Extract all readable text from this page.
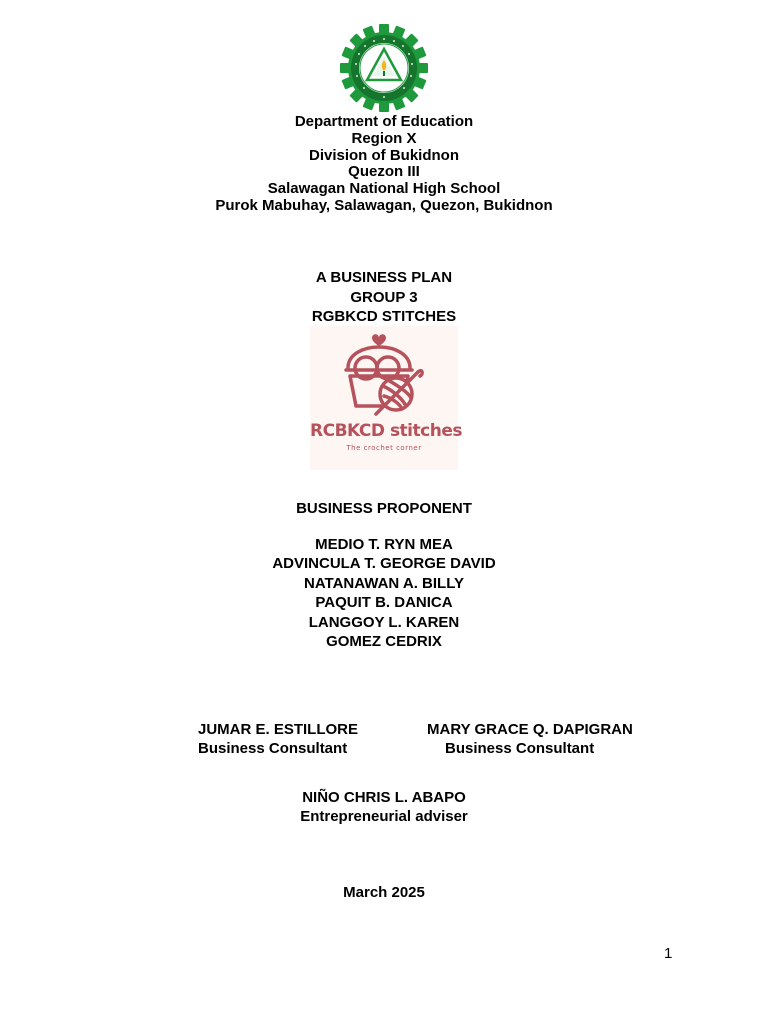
Department of Education
Region X
Division of Bukidnon
Quezon III
Salawagan National High School
Purok Mabuhay, Salawagan, Quezon, Bukidnon
A BUSINESS PLAN
GROUP 3
RGBKCD STITCHES
RCBKCD stitches
The crochet corner
BUSINESS PROPONENT
MEDIO T. RYN MEA
ADVINCULA T. GEORGE DAVID
NATANAWAN A. BILLY
PAQUIT B. DANICA
LANGGOY L. KAREN
GOMEZ CEDRIX
JUMAR E. ESTILLORE
Business Consultant
MARY GRACE Q. DAPIGRAN
Business Consultant
NIÑO CHRIS L. ABAPO
Entrepreneurial adviser
March 2025
1
